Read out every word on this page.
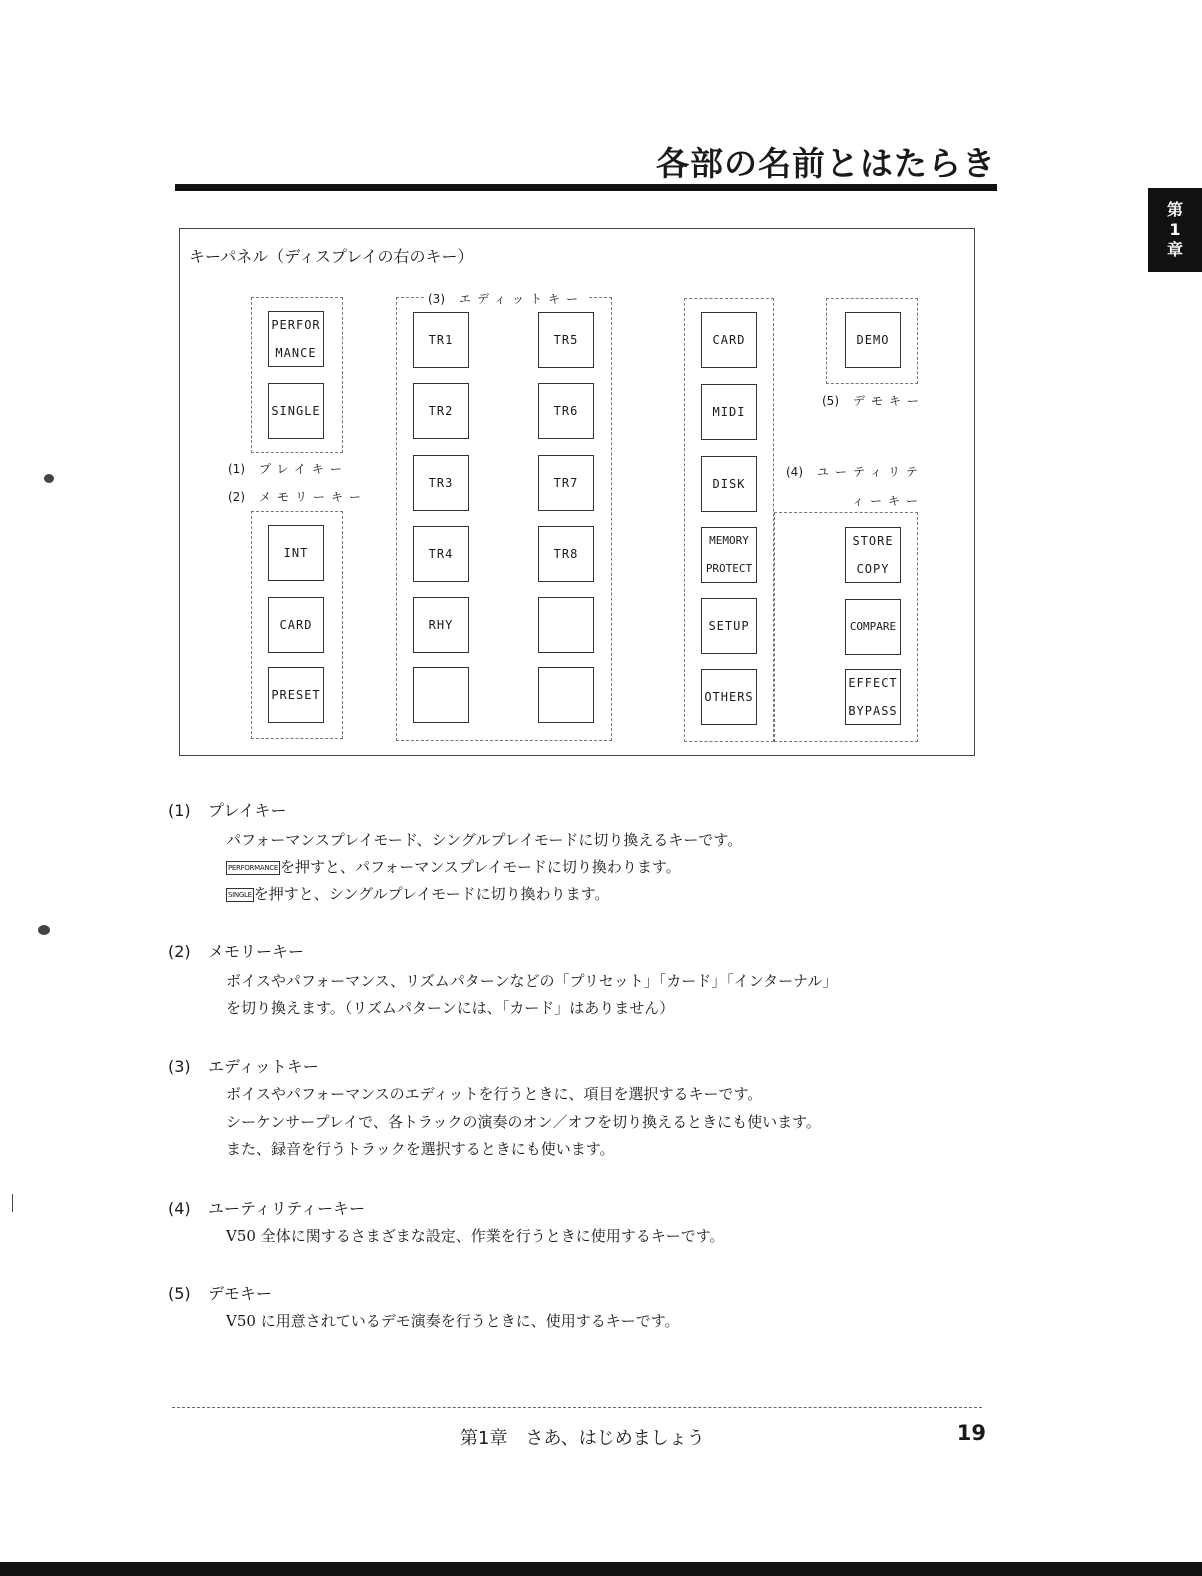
各部の名前とはたらき
第
1
章
キーパネル（ディスプレイの右のキー）
(1) プレイキー
(2) メモリーキー
(3) エディットキー
(4) ユーティリテ
ィーキー
(5) デモキー
PERFOR
MANCE
SINGLE
INT
CARD
PRESET
TR1
TR2
TR3
TR4
RHY
TR5
TR6
TR7
TR8
CARD
MIDI
DISK
MEMORY
PROTECT
SETUP
OTHERS
DEMO
STORE
COPY
COMPARE
EFFECT
BYPASS
(1) プレイキー
パフォーマンスプレイモード、シングルプレイモードに切り換えるキーです。
PERFORMANCE を押すと、パフォーマンスプレイモードに切り換わります。
SINGLE を押すと、シングルプレイモードに切り換わります。
(2) メモリーキー
ボイスやパフォーマンス、リズムパターンなどの「プリセット」「カード」「インターナル」
を切り換えます。（リズムパターンには、「カード」はありません）
(3) エディットキー
ボイスやパフォーマンスのエディットを行うときに、項目を選択するキーです。
シーケンサープレイで、各トラックの演奏のオン／オフを切り換えるときにも使います。
また、録音を行うトラックを選択するときにも使います。
(4) ユーティリティーキー
V50 全体に関するさまざまな設定、作業を行うときに使用するキーです。
(5) デモキー
V50 に用意されているデモ演奏を行うときに、使用するキーです。
第1章　さあ、はじめましょう	19
